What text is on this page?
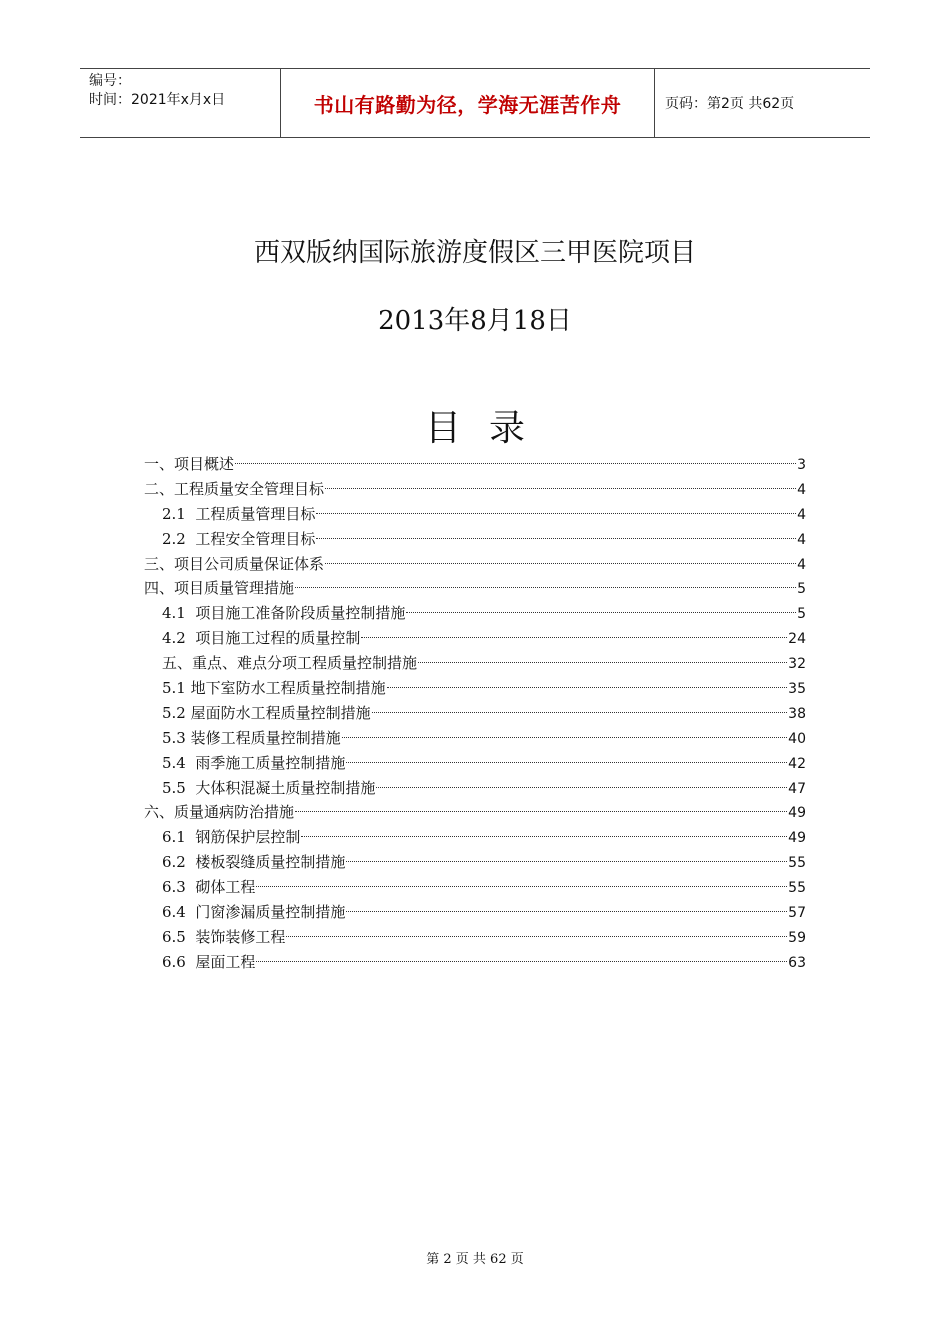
编号：
时间：2021年x月x日	书山有路勤为径，学海无涯苦作舟	页码：第2页 共62页
西双版纳国际旅游度假区三甲医院项目
2013年8月18日
目录
一、项目概述	3
二、工程质量安全管理目标	4
2.1  工程质量管理目标	4
2.2  工程安全管理目标	4
三、项目公司质量保证体系	4
四、项目质量管理措施	5
4.1  项目施工准备阶段质量控制措施	5
4.2  项目施工过程的质量控制	24
五、重点、难点分项工程质量控制措施	32
5.1 地下室防水工程质量控制措施	35
5.2 屋面防水工程质量控制措施	38
5.3 装修工程质量控制措施	40
5.4  雨季施工质量控制措施	42
5.5  大体积混凝土质量控制措施	47
六、质量通病防治措施	49
6.1  钢筋保护层控制	49
6.2  楼板裂缝质量控制措施	55
6.3  砌体工程	55
6.4  门窗渗漏质量控制措施	57
6.5  装饰装修工程	59
6.6  屋面工程	63
第 2 页 共 62 页
